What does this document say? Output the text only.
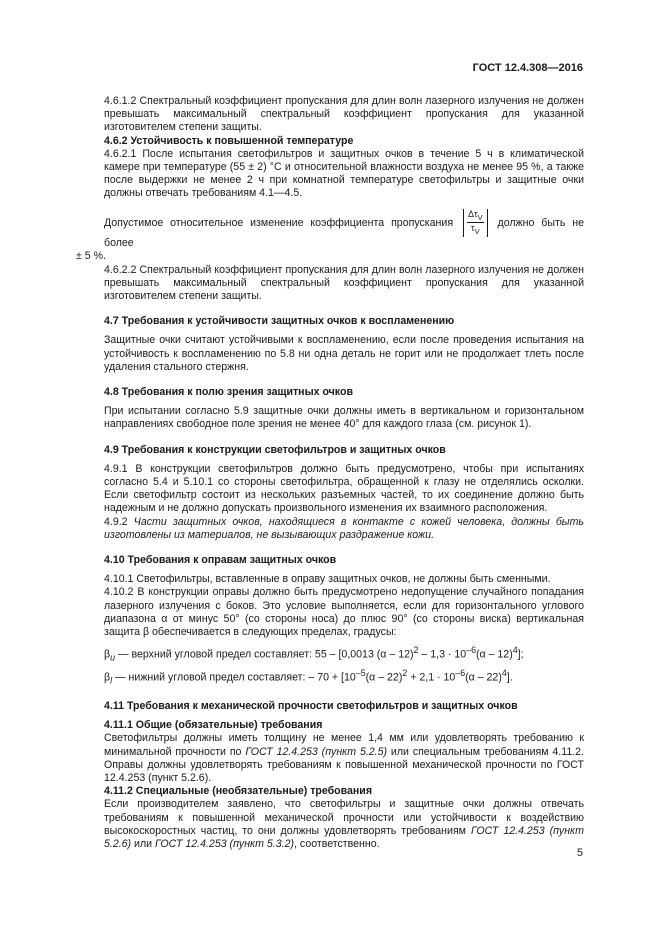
ГОСТ 12.4.308—2016

4.6.1.2 Спектральный коэффициент пропускания для длин волн лазерного излучения не должен превышать максимальный спектральный коэффициент пропускания для указанной изготовителем степени защиты.

4.6.2 Устойчивость к повышенной температуре

4.6.2.1 После испытания светофильтров и защитных очков в течение 5 ч в климатической камере при температуре (55 ± 2) °С и относительной влажности воздуха не менее 95 %, а также после выдержки не менее 2 ч при комнатной температуре светофильтры и защитные очки должны отвечать требованиям 4.1—4.5.

Допустимое относительное изменение коэффициента пропускания $\frac{\Delta\tau_V}{\tau_V}$ должно быть не более

± 5 %.

4.6.2.2 Спектральный коэффициент пропускания для длин волн лазерного излучения не должен превышать максимальный спектральный коэффициент пропускания для указанной изготовителем степени защиты.

4.7 Требования к устойчивости защитных очков к воспламенению

Защитные очки считают устойчивыми к воспламенению, если после проведения испытания на устойчивость к воспламенению по 5.8 ни одна деталь не горит или не продолжает тлеть после удаления стального стержня.

4.8 Требования к полю зрения защитных очков

При испытании согласно 5.9 защитные очки должны иметь в вертикальном и горизонтальном направлениях свободное поле зрения не менее 40° для каждого глаза (см. рисунок 1).

4.9 Требования к конструкции светофильтров и защитных очков

4.9.1 В конструкции светофильтров должно быть предусмотрено, чтобы при испытаниях согласно 5.4 и 5.10.1 со стороны светофильтра, обращенной к глазу не отделялись осколки. Если светофильтр состоит из нескольких разъемных частей, то их соединение должно быть надежным и не должно допускать произвольного изменения их взаимного расположения.

4.9.2 Части защитных очков, находящиеся в контакте с кожей человека, должны быть изготовлены из материалов, не вызывающих раздражение кожи.

4.10 Требования к оправам защитных очков

4.10.1 Светофильтры, вставленные в оправу защитных очков, не должны быть сменными.

4.10.2 В конструкции оправы должно быть предусмотрено недопущение случайного попадания лазерного излучения с боков. Это условие выполняется, если для горизонтального углового диапазона α от минус 50° (со стороны носа) до плюс 90° (со стороны виска) вертикальная защита β обеспечивается в следующих пределах, градусы:

$\beta_u$ — верхний угловой предел составляет: 55 – [0,0013 $(\alpha - 12)^2 - 1,3 \cdot 10^{-6}(\alpha - 12)^4$];

$\beta_l$ — нижний угловой предел составляет: – $70 + [10^{-5}(\alpha - 22)^2 + 2,1 \cdot 10^{-6}(\alpha - 22)^4]$.

4.11 Требования к механической прочности светофильтров и защитных очков

4.11.1 Общие (обязательные) требования

Светофильтры должны иметь толщину не менее 1,4 мм или удовлетворять требованию к минимальной прочности по ГОСТ 12.4.253 (пункт 5.2.5) или специальным требованиям 4.11.2. Оправы должны удовлетворять требованиям к повышенной механической прочности по ГОСТ 12.4.253 (пункт 5.2.6).

4.11.2 Специальные (необязательные) требования

Если производителем заявлено, что светофильтры и защитные очки должны отвечать требованиям к повышенной механической прочности или устойчивости к воздействию высокоскоростных частиц, то они должны удовлетворять требованиям ГОСТ 12.4.253 (пункт 5.2.6) или ГОСТ 12.4.253 (пункт 5.3.2), соответственно.

5
